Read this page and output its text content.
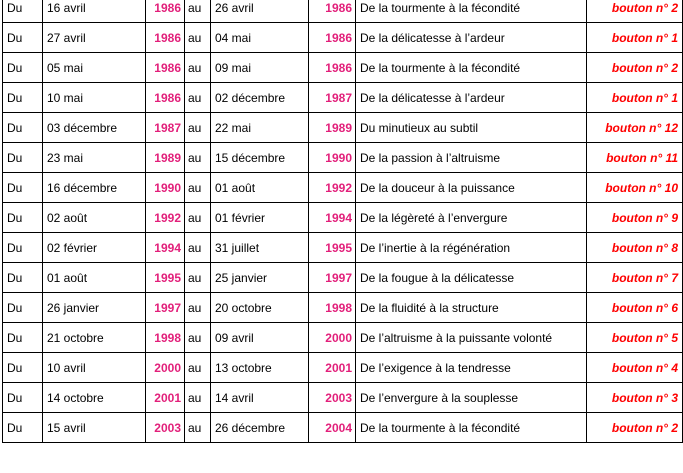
Du	16 avril	1986	au	26 avril	1986	De la tourmente à la fécondité	bouton n° 2
Du	27 avril	1986	au	04 mai	1986	De la délicatesse à l’ardeur	bouton n° 1
Du	05 mai	1986	au	09 mai	1986	De la tourmente à la fécondité	bouton n° 2
Du	10 mai	1986	au	02 décembre	1987	De la délicatesse à l’ardeur	bouton n° 1
Du	03 décembre	1987	au	22 mai	1989	Du minutieux au subtil	bouton n° 12
Du	23 mai	1989	au	15 décembre	1990	De la passion à l’altruisme	bouton n° 11
Du	16 décembre	1990	au	01 août	1992	De la douceur à la puissance	bouton n° 10
Du	02 août	1992	au	01 février	1994	De la légèreté à l’envergure	bouton n° 9
Du	02 février	1994	au	31 juillet	1995	De l’inertie à la régénération	bouton n° 8
Du	01 août	1995	au	25 janvier	1997	De la fougue à la délicatesse	bouton n° 7
Du	26 janvier	1997	au	20 octobre	1998	De la fluidité à la structure	bouton n° 6
Du	21 octobre	1998	au	09 avril	2000	De l’altruisme à la puissante volonté	bouton n° 5
Du	10 avril	2000	au	13 octobre	2001	De l’exigence à la tendresse	bouton n° 4
Du	14 octobre	2001	au	14 avril	2003	De l’envergure à la souplesse	bouton n° 3
Du	15 avril	2003	au	26 décembre	2004	De la tourmente à la fécondité	bouton n° 2
